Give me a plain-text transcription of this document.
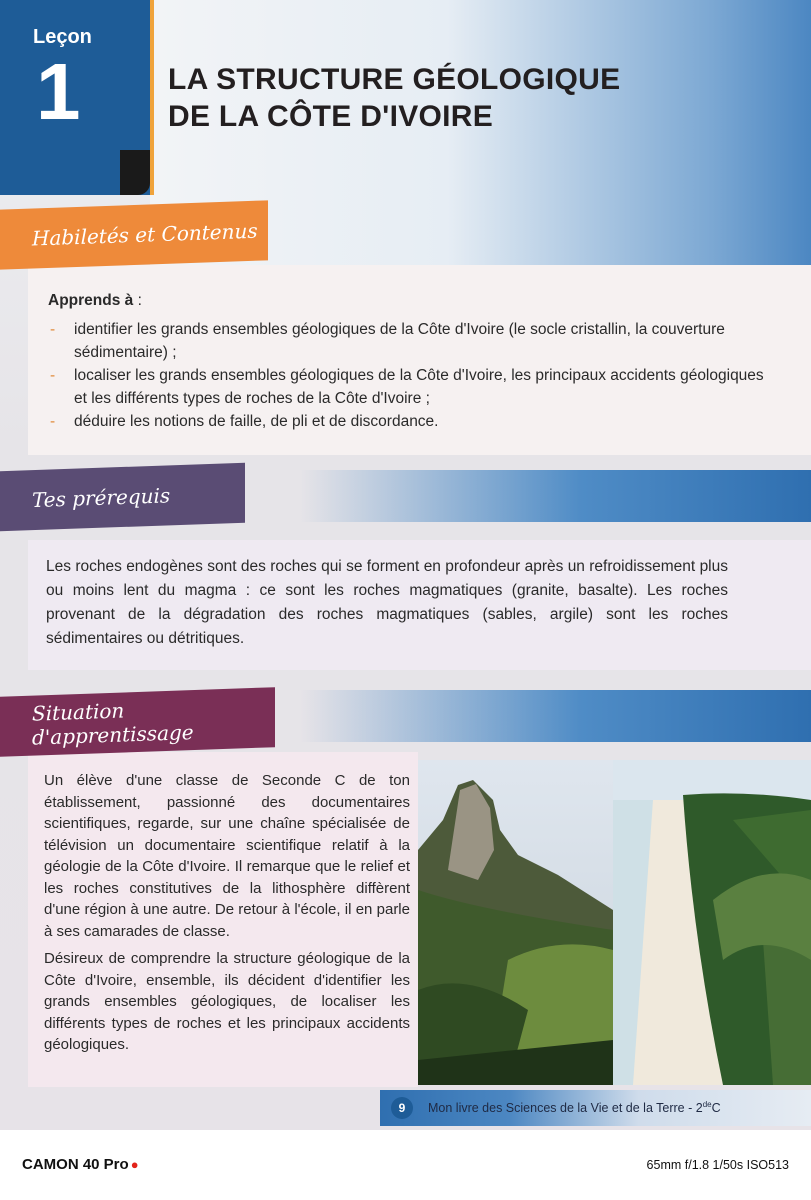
Leçon
1	LA STRUCTURE GÉOLOGIQUE
DE LA CÔTE D'IVOIRE
Habiletés et Contenus
Apprends à :
- identifier les grands ensembles géologiques de la Côte d'Ivoire (le socle cristallin, la couverture sédimentaire) ;
- localiser les grands ensembles géologiques de la Côte d'Ivoire, les principaux accidents géologiques et les différents types de roches de la Côte d'Ivoire ;
- déduire les notions de faille, de pli et de discordance.
Tes prérequis
Les roches endogènes sont des roches qui se forment en profondeur après un refroidissement plus ou moins lent du magma : ce sont les roches magmatiques (granite, basalte). Les roches provenant de la dégradation des roches magmatiques (sables, argile) sont les roches sédimentaires ou détritiques.
Situation d'apprentissage

Un élève d'une classe de Seconde C de ton établissement, passionné des documentaires scientifiques, regarde, sur une chaîne spécialisée de télévision un documentaire scientifique relatif à la géologie de la Côte d'Ivoire. Il remarque que le relief et les roches constitutives de la lithosphère diffèrent d'une région à une autre. De retour à l'école, il en parle à ses camarades de classe.

Désireux de comprendre la structure géologique de la Côte d'Ivoire, ensemble, ils décident d'identifier les grands ensembles géologiques, de localiser les différents types de roches et les principaux accidents géologiques.

9	Mon livre des Sciences de la Vie et de la Terre - 2deC
CAMON 40 Pro ●	65mm f/1.8 1/50s ISO513
